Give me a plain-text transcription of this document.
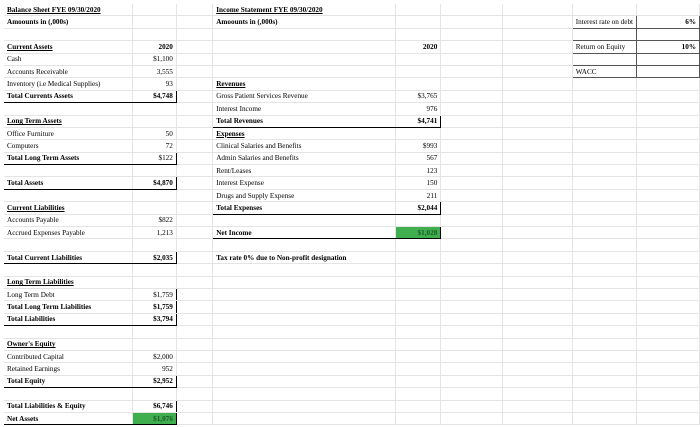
Balance Sheet FYE 09/30/2020			Income Statement FYE 09/30/2020					
Amoounts in (,000s)			Amoounts in (,000s)				Interest rate on debt	6%

Current Assets	2020			2020			Return on Equity	10%
Cash	$1,100							
Accounts Receivable	3,555						WACC	
Inventory (i.e Medical Supplies)	93		Revenues					
Total Currents Assets	$4,748		Gross Patient Services Revenue	$3,765				
			Interest Income	976				
Long Term Assets			Total Revenues	$4,741				
Office Furniture	50		Expenses					
Computers	72		Clinical Salaries and Benefits	$993				
Total Long Term Assets	$122		Admin Salaries and Benefits	567				
			Rent/Leases	123				
Total Assets	$4,870		Interest Expense	150				
			Drugs and Supply Expense	211				
Current Liabilities			Total Expenses	$2,044				
Accounts Payable	$822							
Accrued Expenses Payable	1,213		Net Income	$1,028				

Total Current Liabilities	$2,035		Tax rate 0% due to Non-profit designation					

Long Term Liabilities								
Long Term Debt	$1,759							
Total Long Term Liabilities	$1,759							
Total Liabilities	$3,794							

Owner's Equity								
Contributed Capital	$2,000							
Retained Earnings	952							
Total Equity	$2,952							

Total Liabilities & Equity	$6,746							
Net Assets	$1,076							
